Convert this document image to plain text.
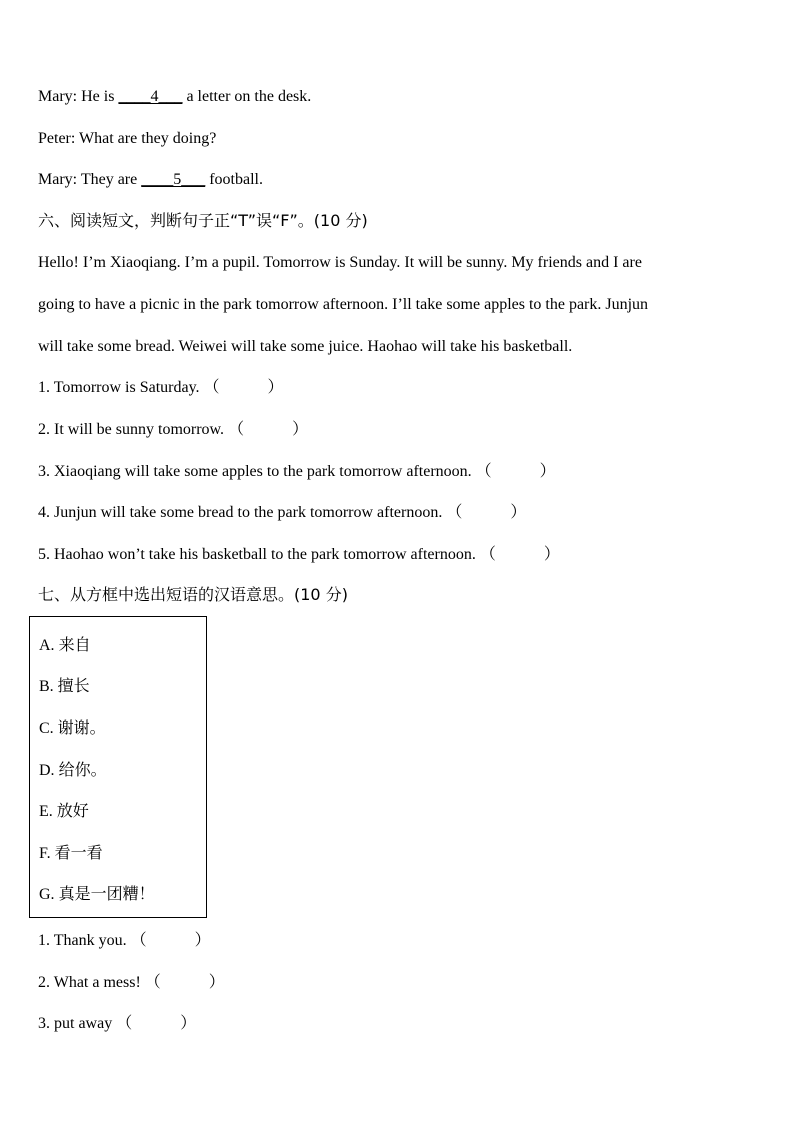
Mary: He is ____4___ a letter on the desk.
Peter: What are they doing?
Mary: They are ____5___ football.
六、阅读短文，判断句子正“T”误“F”。(10 分)
Hello! I’m Xiaoqiang. I’m a pupil. Tomorrow is Sunday. It will be sunny. My friends and I are
going to have a picnic in the park tomorrow afternoon. I’ll take some apples to the park. Junjun
will take some bread. Weiwei will take some juice. Haohao will take his basketball.
1. Tomorrow is Saturday. （　　　）
2. It will be sunny tomorrow. （　　　）
3. Xiaoqiang will take some apples to the park tomorrow afternoon. （　　　）
4. Junjun will take some bread to the park tomorrow afternoon. （　　　）
5. Haohao won’t take his basketball to the park tomorrow afternoon. （　　　）
七、从方框中选出短语的汉语意思。(10 分)
A. 来自
B. 擅长
C. 谢谢。
D. 给你。
E. 放好
F. 看一看
G. 真是一团糟！
1. Thank you. （　　　）
2. What a mess! （　　　）
3. put away （　　　）
